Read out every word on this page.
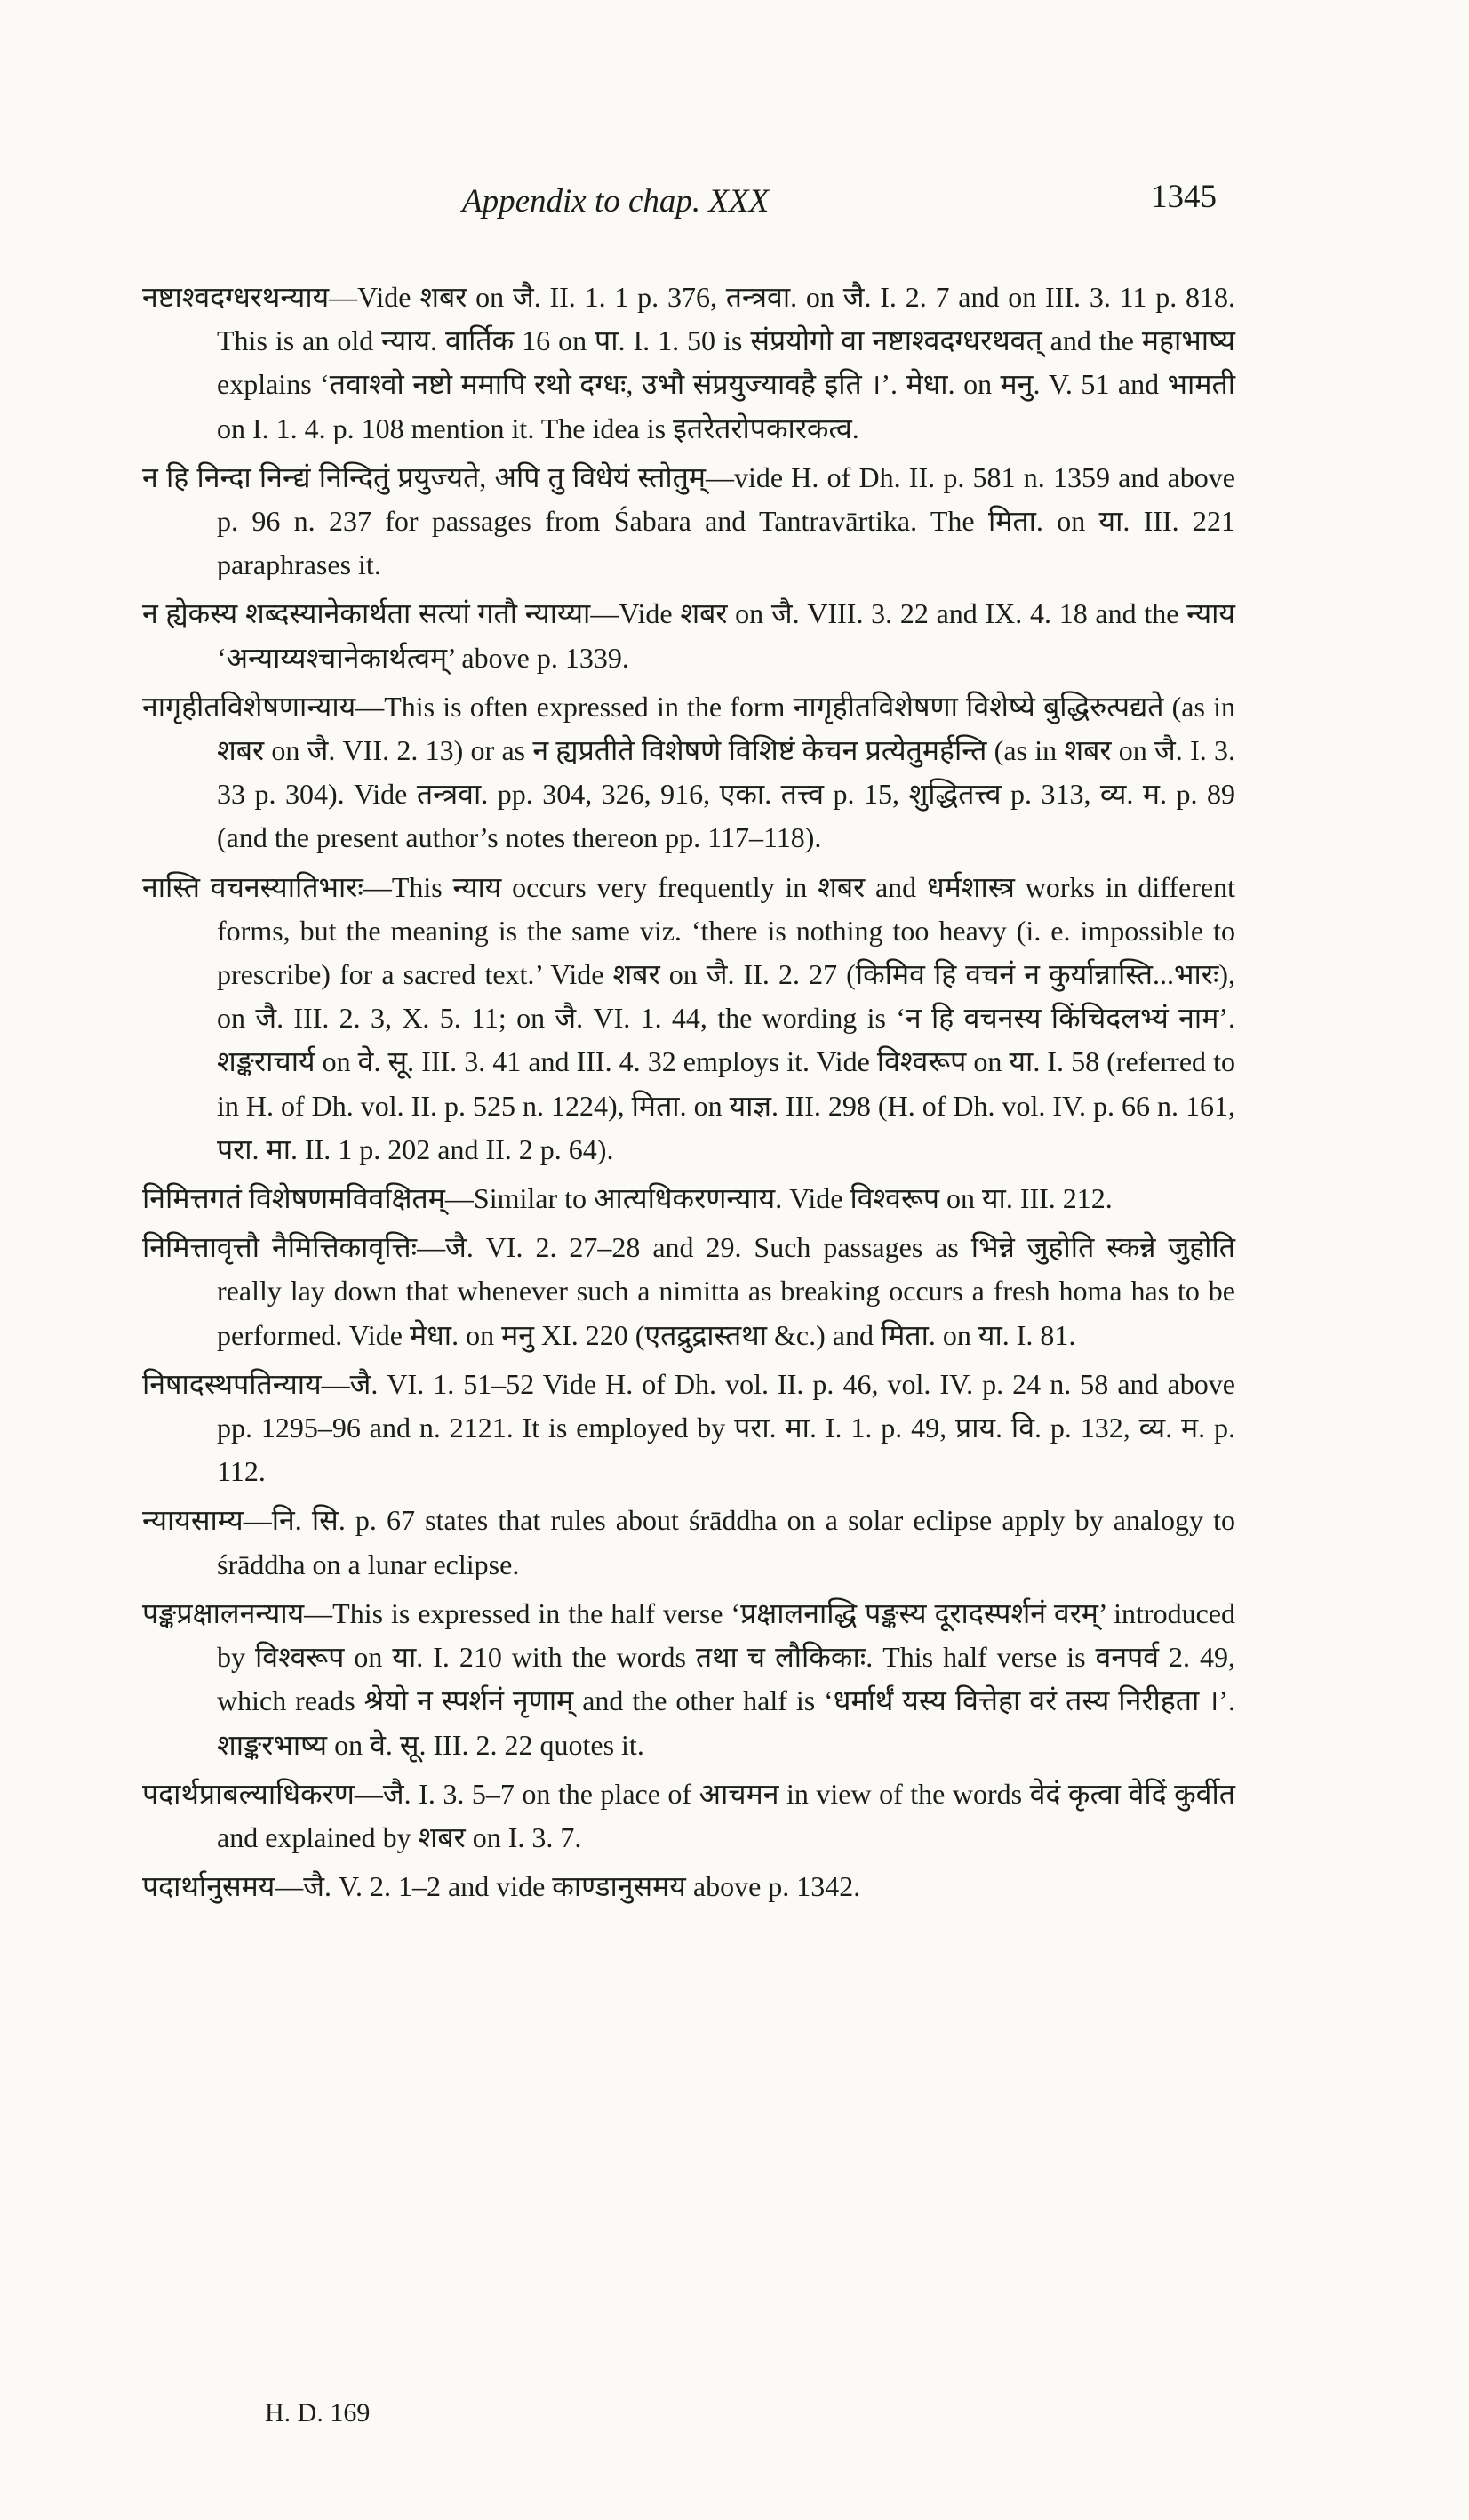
Appendix to chap. XXX	1345

नष्टाश्वदग्धरथन्याय—Vide शबर on जै. II. 1. 1 p. 376, तन्त्रवा. on जै. I. 2. 7 and on III. 3. 11 p. 818. This is an old न्याय. वार्तिक 16 on पा. I. 1. 50 is संप्रयोगो वा नष्टाश्वदग्धरथवत् and the महाभाष्य explains ‘तवाश्वो नष्टो ममापि रथो दग्धः, उभौ संप्रयुज्यावहै इति ।’. मेधा. on मनु. V. 51 and भामती on I. 1. 4. p. 108 mention it. The idea is इतरेतरोपकारकत्व.

न हि निन्दा निन्द्यं निन्दितुं प्रयुज्यते, अपि तु विधेयं स्तोतुम्—vide H. of Dh. II. p. 581 n. 1359 and above p. 96 n. 237 for passages from Śabara and Tantravārtika. The मिता. on या. III. 221 paraphrases it.

न ह्येकस्य शब्दस्यानेकार्थता सत्यां गतौ न्याय्या—Vide शबर on जै. VIII. 3. 22 and IX. 4. 18 and the न्याय ‘अन्याय्यश्चानेकार्थत्वम्’ above p. 1339.

नागृहीतविशेषणान्याय—This is often expressed in the form नागृहीतविशेषणा विशेष्ये बुद्धिरुत्पद्यते (as in शबर on जै. VII. 2. 13) or as न ह्यप्रतीते विशेषणे विशिष्टं केचन प्रत्येतुमर्हन्ति (as in शबर on जै. I. 3. 33 p. 304). Vide तन्त्रवा. pp. 304, 326, 916, एका. तत्त्व p. 15, शुद्धितत्त्व p. 313, व्य. म. p. 89 (and the present author’s notes thereon pp. 117–118).

नास्ति वचनस्यातिभारः—This न्याय occurs very frequently in शबर and धर्मशास्त्र works in different forms, but the meaning is the same viz. ‘there is nothing too heavy (i. e. impossible to prescribe) for a sacred text.’ Vide शबर on जै. II. 2. 27 (किमिव हि वचनं न कुर्यान्नास्ति...भारः), on जै. III. 2. 3, X. 5. 11; on जै. VI. 1. 44, the wording is ‘न हि वचनस्य किंचिदलभ्यं नाम’. शङ्कराचार्य on वे. सू. III. 3. 41 and III. 4. 32 employs it. Vide विश्वरूप on या. I. 58 (referred to in H. of Dh. vol. II. p. 525 n. 1224), मिता. on याज्ञ. III. 298 (H. of Dh. vol. IV. p. 66 n. 161, परा. मा. II. 1 p. 202 and II. 2 p. 64).

निमित्तगतं विशेषणमविवक्षितम्—Similar to आत्यधिकरणन्याय. Vide विश्वरूप on या. III. 212.

निमित्तावृत्तौ नैमित्तिकावृत्तिः—जै. VI. 2. 27–28 and 29. Such passages as भिन्ने जुहोति स्कन्ने जुहोति really lay down that whenever such a nimitta as breaking occurs a fresh homa has to be performed. Vide मेधा. on मनु XI. 220 (एतद्रुद्रास्तथा &c.) and मिता. on या. I. 81.

निषादस्थपतिन्याय—जै. VI. 1. 51–52 Vide H. of Dh. vol. II. p. 46, vol. IV. p. 24 n. 58 and above pp. 1295–96 and n. 2121. It is employed by परा. मा. I. 1. p. 49, प्राय. वि. p. 132, व्य. म. p. 112.

न्यायसाम्य—नि. सि. p. 67 states that rules about śrāddha on a solar eclipse apply by analogy to śrāddha on a lunar eclipse.

पङ्कप्रक्षालनन्याय—This is expressed in the half verse ‘प्रक्षालनाद्धि पङ्कस्य दूरादस्पर्शनं वरम्’ introduced by विश्वरूप on या. I. 210 with the words तथा च लौकिकाः. This half verse is वनपर्व 2. 49, which reads श्रेयो न स्पर्शनं नृणाम् and the other half is ‘धर्मार्थं यस्य वित्तेहा वरं तस्य निरीहता ।’. शाङ्करभाष्य on वे. सू. III. 2. 22 quotes it.

पदार्थप्राबल्याधिकरण—जै. I. 3. 5–7 on the place of आचमन in view of the words वेदं कृत्वा वेदिं कुर्वीत and explained by शबर on I. 3. 7.

पदार्थानुसमय—जै. V. 2. 1–2 and vide काण्डानुसमय above p. 1342.

H. D. 169
